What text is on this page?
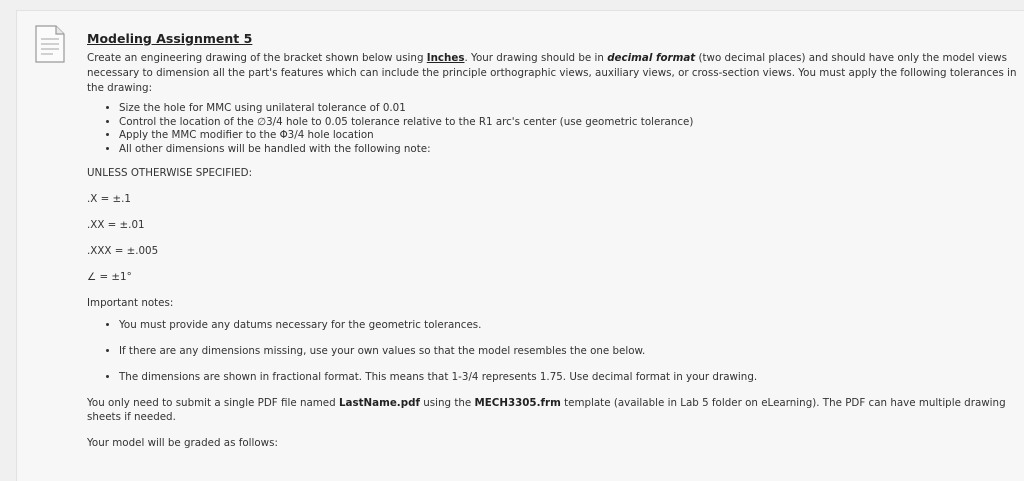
Modeling Assignment 5

Create an engineering drawing of the bracket shown below using Inches. Your drawing should be in decimal format (two decimal places) and should have only the model views necessary to dimension all the part's features which can include the principle orthographic views, auxiliary views, or cross-section views. You must apply the following tolerances in the drawing:

• Size the hole for MMC using unilateral tolerance of 0.01
• Control the location of the ∅3/4 hole to 0.05 tolerance relative to the R1 arc's center (use geometric tolerance)
• Apply the MMC modifier to the Φ3/4 hole location
• All other dimensions will be handled with the following note:

UNLESS OTHERWISE SPECIFIED:

.X = ±.1

.XX = ±.01

.XXX = ±.005

∠ = ±1°

Important notes:

• You must provide any datums necessary for the geometric tolerances.
• If there are any dimensions missing, use your own values so that the model resembles the one below.
• The dimensions are shown in fractional format. This means that 1-3/4 represents 1.75. Use decimal format in your drawing.

You only need to submit a single PDF file named LastName.pdf using the MECH3305.frm template (available in Lab 5 folder on eLearning). The PDF can have multiple drawing sheets if needed.

Your model will be graded as follows:
